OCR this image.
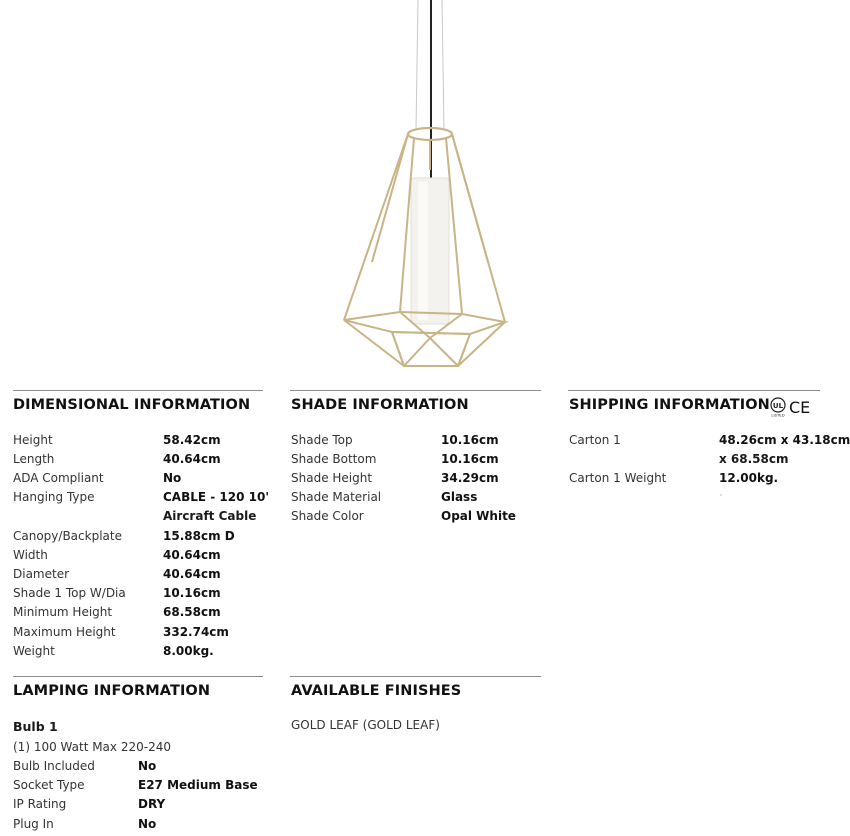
DIMENSIONAL INFORMATION	SHADE INFORMATION	SHIPPING INFORMATION
LAMPING INFORMATION	AVAILABLE FINISHES
UL
LISTED CE
Height	58.42cm
Length	40.64cm
ADA Compliant	No
Hanging Type	CABLE - 120 10'
Aircraft Cable
Canopy/Backplate	15.88cm D
Width	40.64cm
Diameter	40.64cm
Shade 1 Top W/Dia	10.16cm
Minimum Height	68.58cm
Maximum Height	332.74cm
Weight	8.00kg.
Shade Top	10.16cm
Shade Bottom	10.16cm
Shade Height	34.29cm
Shade Material	Glass
Shade Color	Opal White
Carton 1	48.26cm x 43.18cm
x 68.58cm
Carton 1 Weight	12.00kg.
Bulb 1
(1) 100 Watt Max 220-240
Bulb Included	No
Socket Type	E27 Medium Base
IP Rating	DRY
Plug In	No
GOLD LEAF (GOLD LEAF)
